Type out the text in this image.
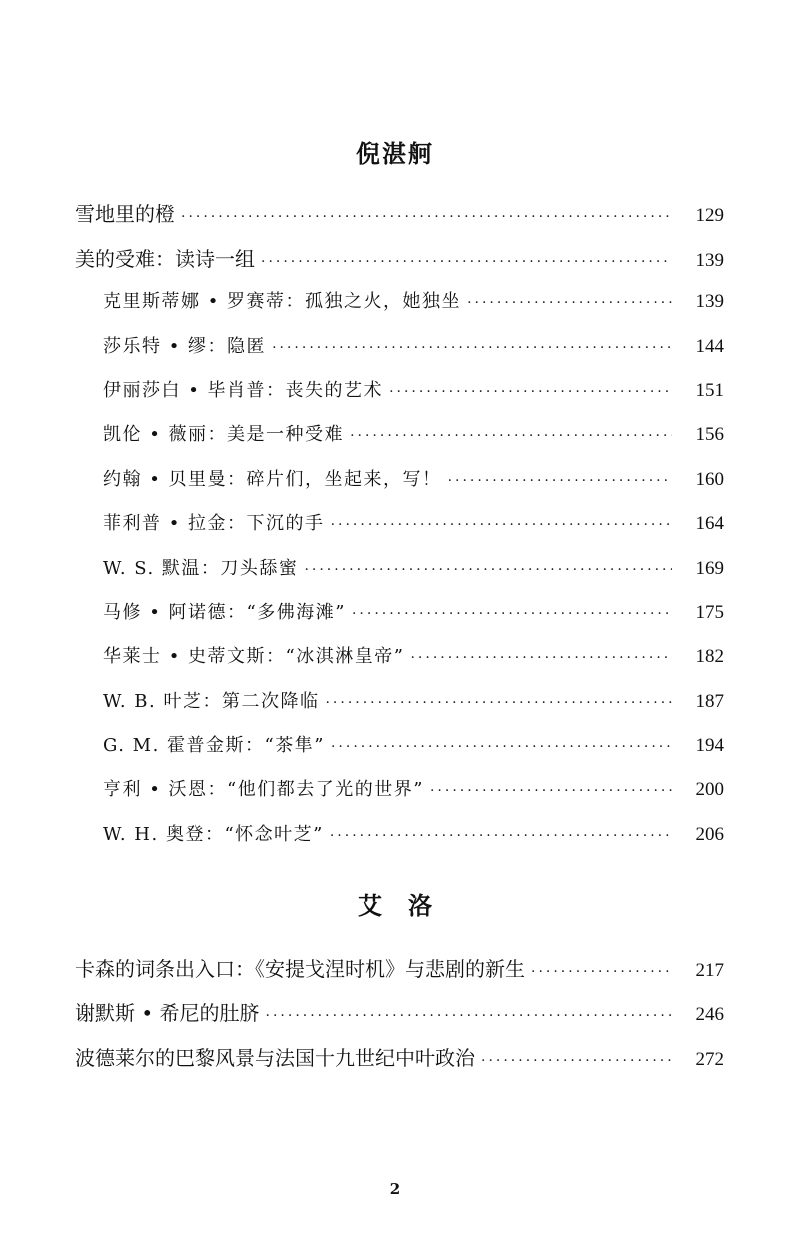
倪湛舸
雪地里的橙 ·····	129
美的受难：读诗一组 ·····	139
克里斯蒂娜 • 罗赛蒂：孤独之火，她独坐 ·····	139
莎乐特 • 缪：隐匿 ·····	144
伊丽莎白 • 毕肖普：丧失的艺术 ·····	151
凯伦 • 薇丽：美是一种受难 ·····	156
约翰 • 贝里曼：碎片们，坐起来，写！ ·····	160
菲利普 • 拉金：下沉的手 ·····	164
W. S. 默温：刀头舔蜜 ·····	169
马修 • 阿诺德：“多佛海滩” ·····	175
华莱士 • 史蒂文斯：“冰淇淋皇帝” ·····	182
W. B. 叶芝：第二次降临 ·····	187
G. M. 霍普金斯：“茶隼” ·····	194
亨利 • 沃恩：“他们都去了光的世界” ·····	200
W. H. 奥登：“怀念叶芝” ·····	206
艾洛
卡森的词条出入口：《安提戈涅时机》与悲剧的新生 ·····	217
谢默斯 • 希尼的肚脐 ·····	246
波德莱尔的巴黎风景与法国十九世纪中叶政治 ·····	272
2
